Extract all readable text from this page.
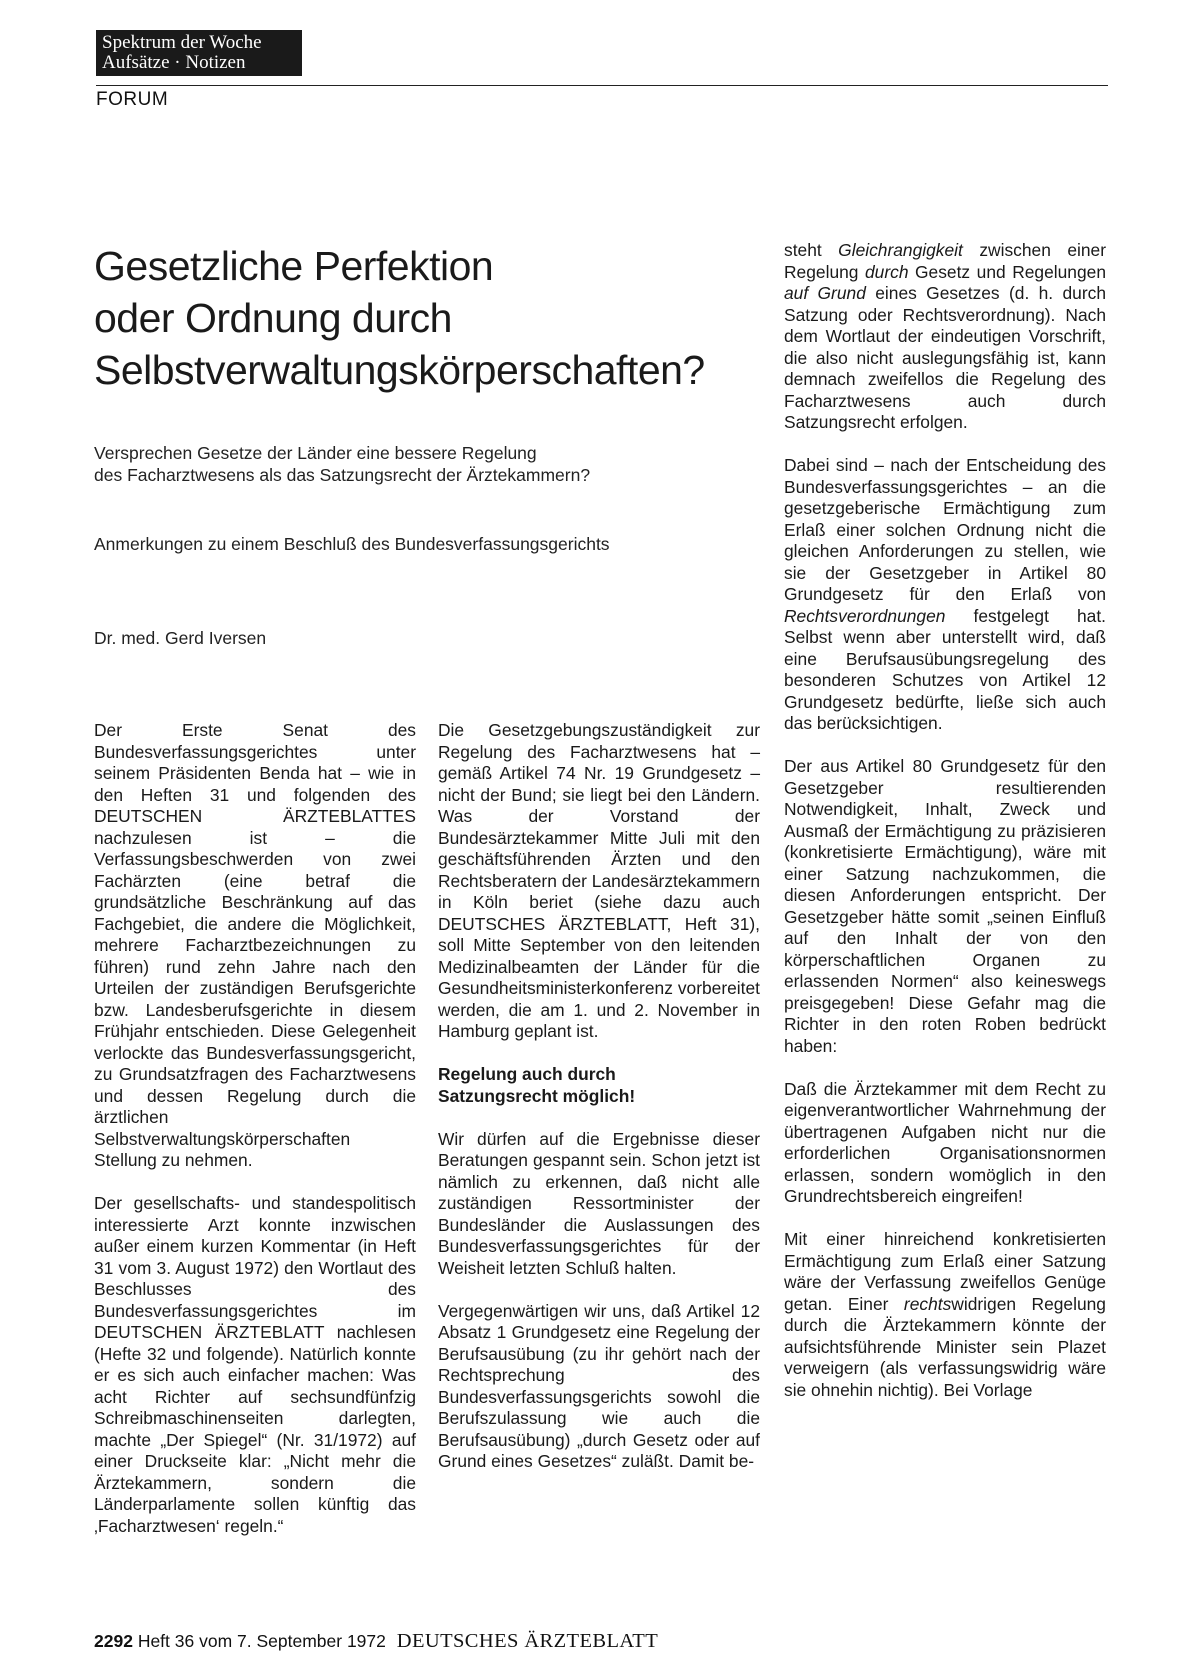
Spektrum der Woche
Aufsätze · Notizen
FORUM
Gesetzliche Perfektion
oder Ordnung durch
Selbstverwaltungskörperschaften?

Versprechen Gesetze der Länder eine bessere Regelung
des Facharztwesens als das Satzungsrecht der Ärztekammern?

Anmerkungen zu einem Beschluß des Bundesverfassungsgerichts

Dr. med. Gerd Iversen

Der Erste Senat des Bundesverfassungsgerichtes unter seinem Präsidenten Benda hat – wie in den Heften 31 und folgenden des DEUTSCHEN ÄRZTEBLATTES nachzulesen ist – die Verfassungsbeschwerden von zwei Fachärzten (eine betraf die grundsätzliche Beschränkung auf das Fachgebiet, die andere die Möglichkeit, mehrere Facharztbezeichnungen zu führen) rund zehn Jahre nach den Urteilen der zuständigen Berufsgerichte bzw. Landesberufsgerichte in diesem Frühjahr entschieden. Diese Gelegenheit verlockte das Bundesverfassungsgericht, zu Grundsatzfragen des Facharztwesens und dessen Regelung durch die ärztlichen Selbstverwaltungskörperschaften Stellung zu nehmen.

Der gesellschafts- und standespolitisch interessierte Arzt konnte inzwischen außer einem kurzen Kommentar (in Heft 31 vom 3. August 1972) den Wortlaut des Beschlusses des Bundesverfassungsgerichtes im DEUTSCHEN ÄRZTEBLATT nachlesen (Hefte 32 und folgende). Natürlich konnte er es sich auch einfacher machen: Was acht Richter auf sechsundfünfzig Schreibmaschinenseiten darlegten, machte „Der Spiegel“ (Nr. 31/1972) auf einer Druckseite klar: „Nicht mehr die Ärztekammern, sondern die Länderparlamente sollen künftig das ‚Facharztwesen‘ regeln.“

Die Gesetzgebungszuständigkeit zur Regelung des Facharztwesens hat – gemäß Artikel 74 Nr. 19 Grundgesetz – nicht der Bund; sie liegt bei den Ländern. Was der Vorstand der Bundesärztekammer Mitte Juli mit den geschäftsführenden Ärzten und den Rechtsberatern der Landesärztekammern in Köln beriet (siehe dazu auch DEUTSCHES ÄRZTEBLATT, Heft 31), soll Mitte September von den leitenden Medizinalbeamten der Länder für die Gesundheitsministerkonferenz vorbereitet werden, die am 1. und 2. November in Hamburg geplant ist.

Regelung auch durch
Satzungsrecht möglich!

Wir dürfen auf die Ergebnisse dieser Beratungen gespannt sein. Schon jetzt ist nämlich zu erkennen, daß nicht alle zuständigen Ressortminister der Bundesländer die Auslassungen des Bundesverfassungsgerichtes für der Weisheit letzten Schluß halten.

Vergegenwärtigen wir uns, daß Artikel 12 Absatz 1 Grundgesetz eine Regelung der Berufsausübung (zu ihr gehört nach der Rechtsprechung des Bundesverfassungsgerichts sowohl die Berufszulassung wie auch die Berufsausübung) „durch Gesetz oder auf Grund eines Gesetzes“ zuläßt. Damit be-

steht Gleichrangigkeit zwischen einer Regelung durch Gesetz und Regelungen auf Grund eines Gesetzes (d. h. durch Satzung oder Rechtsverordnung). Nach dem Wortlaut der eindeutigen Vorschrift, die also nicht auslegungsfähig ist, kann demnach zweifellos die Regelung des Facharztwesens auch durch Satzungsrecht erfolgen.

Dabei sind – nach der Entscheidung des Bundesverfassungsgerichtes – an die gesetzgeberische Ermächtigung zum Erlaß einer solchen Ordnung nicht die gleichen Anforderungen zu stellen, wie sie der Gesetzgeber in Artikel 80 Grundgesetz für den Erlaß von Rechtsverordnungen festgelegt hat. Selbst wenn aber unterstellt wird, daß eine Berufsausübungsregelung des besonderen Schutzes von Artikel 12 Grundgesetz bedürfte, ließe sich auch das berücksichtigen.

Der aus Artikel 80 Grundgesetz für den Gesetzgeber resultierenden Notwendigkeit, Inhalt, Zweck und Ausmaß der Ermächtigung zu präzisieren (konkretisierte Ermächtigung), wäre mit einer Satzung nachzukommen, die diesen Anforderungen entspricht. Der Gesetzgeber hätte somit „seinen Einfluß auf den Inhalt der von den körperschaftlichen Organen zu erlassenden Normen“ also keineswegs preisgegeben! Diese Gefahr mag die Richter in den roten Roben bedrückt haben:

Daß die Ärztekammer mit dem Recht zu eigenverantwortlicher Wahrnehmung der übertragenen Aufgaben nicht nur die erforderlichen Organisationsnormen erlassen, sondern womöglich in den Grundrechtsbereich eingreifen!

Mit einer hinreichend konkretisierten Ermächtigung zum Erlaß einer Satzung wäre der Verfassung zweifellos Genüge getan. Einer rechtswidrigen Regelung durch die Ärztekammern könnte der aufsichtsführende Minister sein Plazet verweigern (als verfassungswidrig wäre sie ohnehin nichtig). Bei Vorlage

2292 Heft 36 vom 7. September 1972 DEUTSCHES ÄRZTEBLATT
